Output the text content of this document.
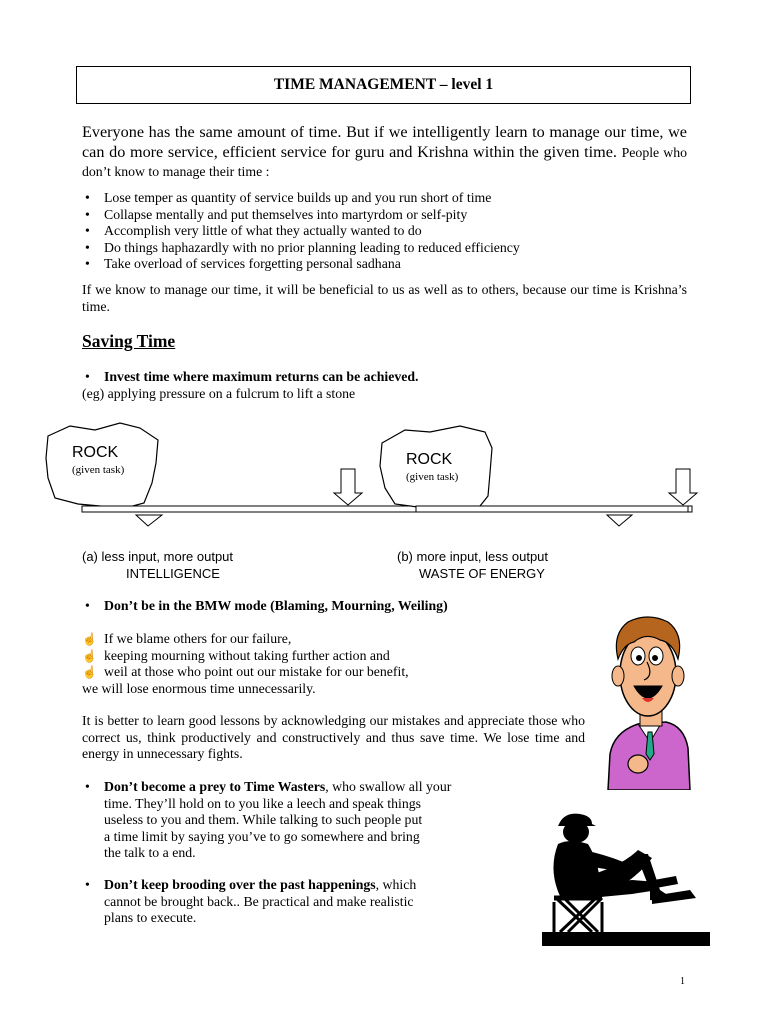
TIME MANAGEMENT – level 1
Everyone has the same amount of time. But if we intelligently learn to manage our time, we can do more service, efficient service for guru and Krishna within the given time. People who don’t know to manage their time :
• Lose temper as quantity of service builds up and you run short of time
• Collapse mentally and put themselves into martyrdom or self-pity
• Accomplish very little of what they actually wanted to do
• Do things haphazardly with no prior planning leading to reduced efficiency
• Take overload of services forgetting personal sadhana
If we know to manage our time, it will be beneficial to us as well as to others, because our time is Krishna’s time.
Saving Time
• Invest time where maximum returns can be achieved.
(eg) applying pressure on a fulcrum to lift a stone
ROCK
(given task)
ROCK
(given task)
(a) less input, more output
INTELLIGENCE
(b) more input, less output
WASTE OF ENERGY
• Don’t be in the BMW mode (Blaming, Mourning, Weiling)
☝ If we blame others for our failure,
☝ keeping mourning without taking further action and
☝ weil at those who point out our mistake for our benefit,
we will lose enormous time unnecessarily.
It is better to learn good lessons by acknowledging our mistakes and appreciate those who correct us, think productively and constructively and thus save time. We lose time and energy in unnecessary fights.
• Don’t become a prey to Time Wasters, who swallow all your
time. They’ll hold on to you like a leech and speak things
useless to you and them. While talking to such people put
a time limit by saying you’ve to go somewhere and bring
the talk to a end.
• Don’t keep brooding over the past happenings, which
cannot be brought back.. Be practical and make realistic
plans to execute.
1
